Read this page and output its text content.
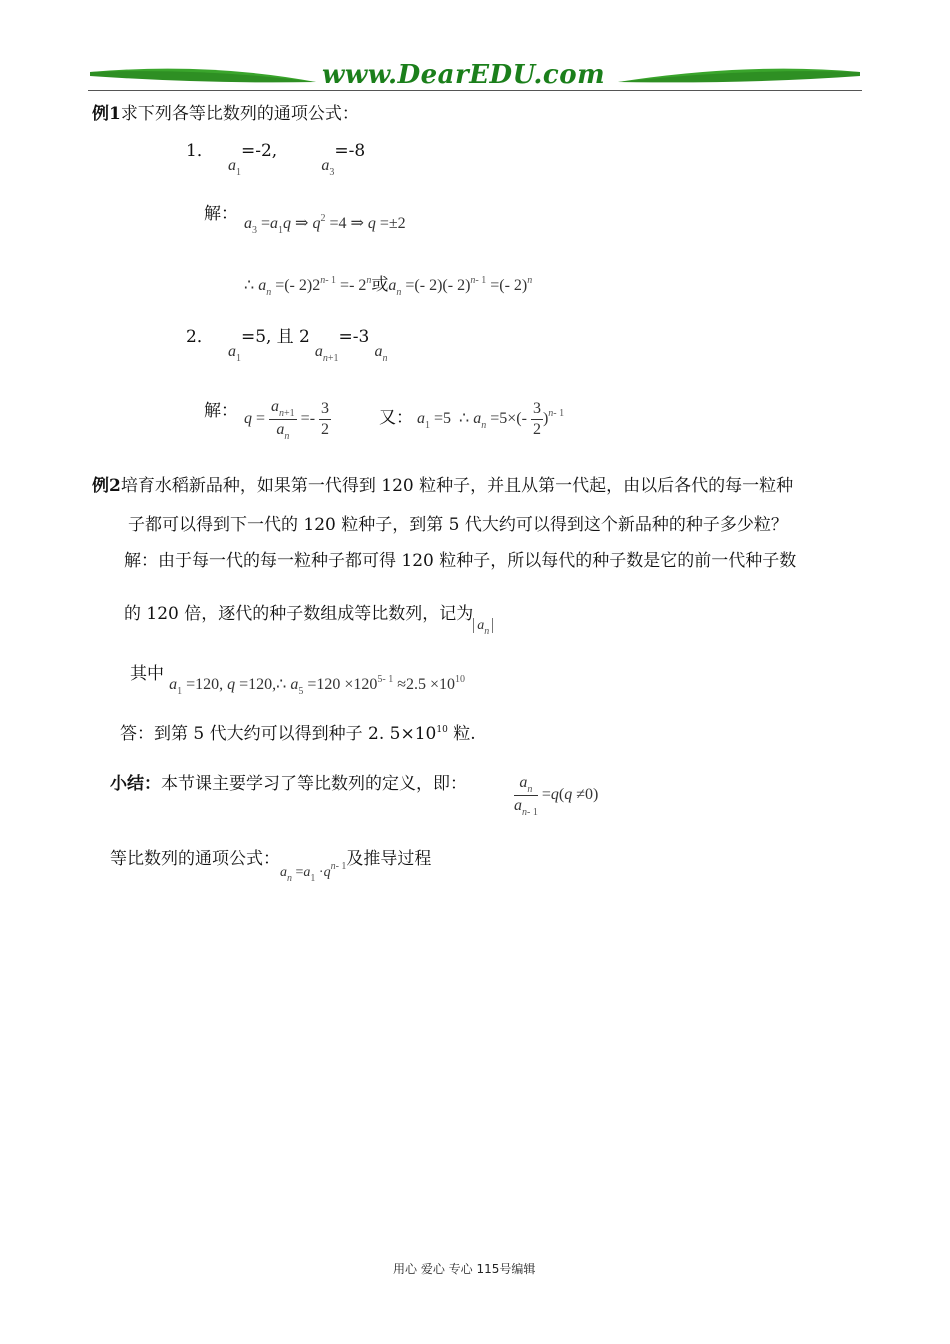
www.DearEDU.com
例1求下列各等比数列的通项公式：
1．
$a_1=-2$,  $a_3=-8$
解： $a_3 =a_1q$ ⇒ $q^2 =4$ ⇒ q =±2
∴ $a_n$ =(- $2)2^{n- 1} =- 2^n$或$a_n$ =(- 2)(- 2)$^{n- 1}$ =(- 2)$^n$
2．
$a_1=5$, 且 2 $a_{n+1}=-3$ $a_n$
解： $q = \frac{a_{n+1}}{a_n} =- \frac{3}{2}$	又： $a_1 =5$  ∴ $a_n =5\times(- \frac{3}{2} )^{n- 1}$
例2培育水稻新品种，如果第一代得到 120 粒种子，并且从第一代起，由以后各代的每一粒种
子都可以得到下一代的 120 粒种子，到第 5 代大约可以得到这个新品种的种子多少粒？
解：由于每一代的每一粒种子都可得 120 粒种子，所以每代的种子数是它的前一代种子数
的 120 倍，逐代的种子数组成等比数列，记为$_{a_n}$
其中 $a_1 =120$, q =120,∴ $a_5 =120 \times 120^{5- 1} \approx 2.5 \times 10^{10}$
答：到第 5 代大约可以得到种子 2. $5\times 10^{10}$ 粒.
小结：本节课主要学习了等比数列的定义，即：	$\frac{a_n}{a_{n- 1}} =q(q \ne 0)$
等比数列的通项公式：$_{a_n =a_1 \cdot q^{n- 1}}$及推导过程
用心 爱心 专心 115号编辑
